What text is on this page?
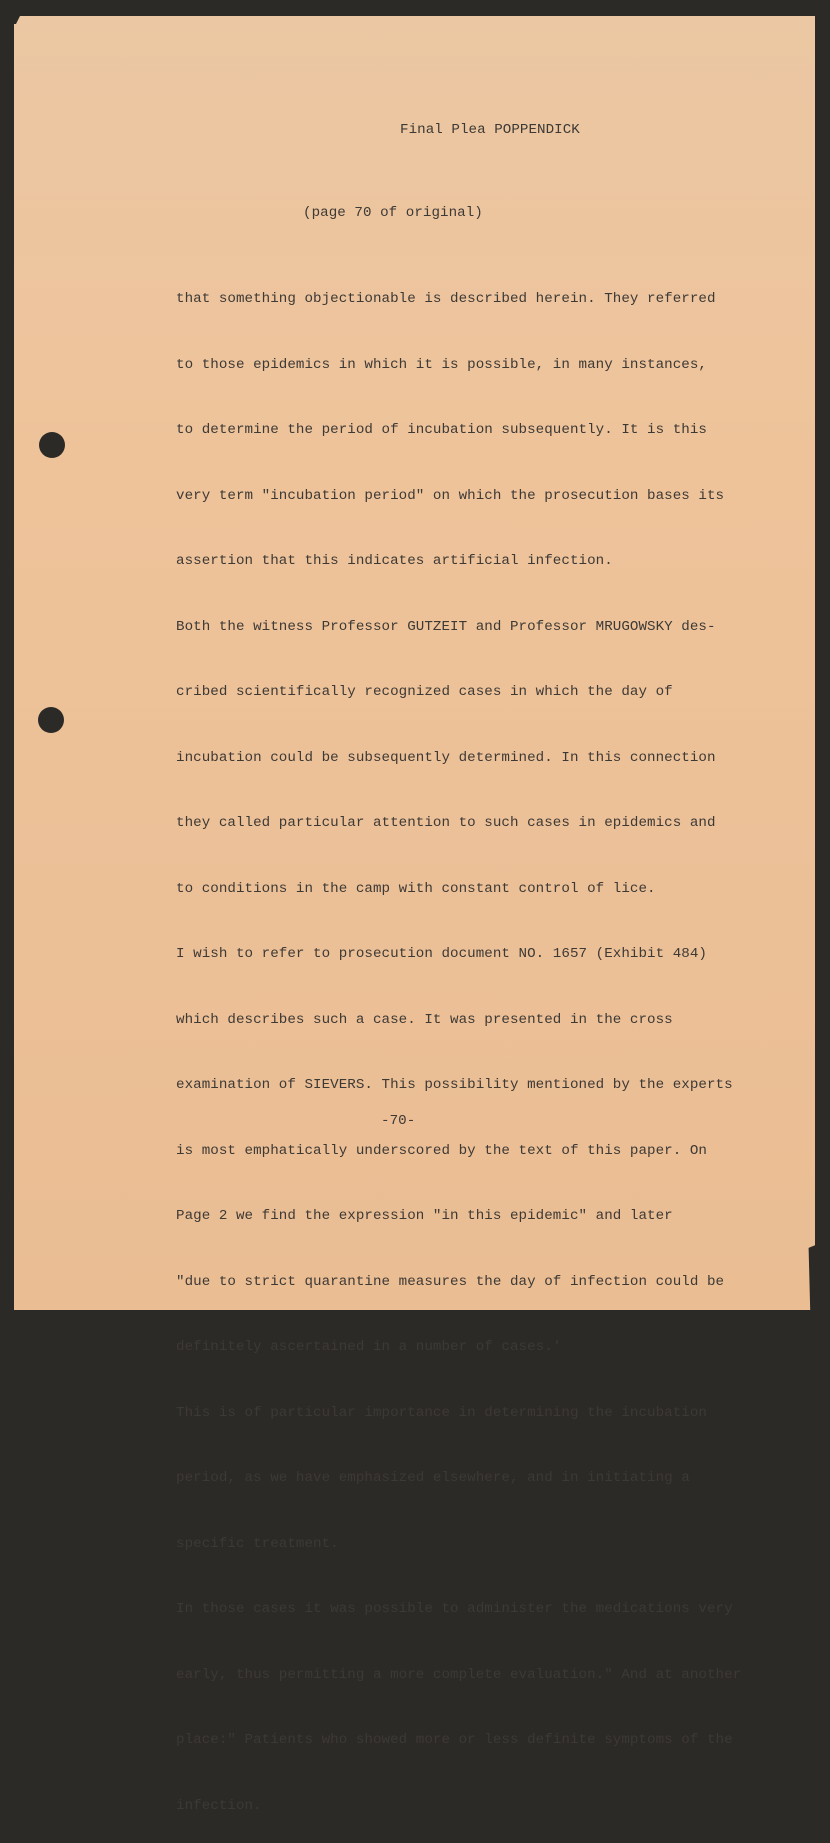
Final Plea POPPENDICK
(page 70 of original)

that something objectionable is described herein. They referred

to those epidemics in which it is possible, in many instances,

to determine the period of incubation subsequently. It is this

very term "incubation period" on which the prosecution bases its

assertion that this indicates artificial infection.

Both the witness Professor GUTZEIT and Professor MRUGOWSKY des-

cribed scientifically recognized cases in which the day of

incubation could be subsequently determined. In this connection

they called particular attention to such cases in epidemics and

to conditions in the camp with constant control of lice.

I wish to refer to prosecution document NO. 1657 (Exhibit 484)

which describes such a case. It was presented in the cross

examination of SIEVERS. This possibility mentioned by the experts

is most emphatically underscored by the text of this paper. On

Page 2 we find the expression "in this epidemic" and later

"due to strict quarantine measures the day of infection could be

definitely ascertained in a number of cases.'

This is of particular importance in determining the incubation

period, as we have emphasized elsewhere, and in initiating a

specific treatment.

In those cases it was possible to administer the medications very

early, thus permitting a more complete evaluation." And at another

place:" Patients who showed more or less definite symptoms of the

infection.

-70-
